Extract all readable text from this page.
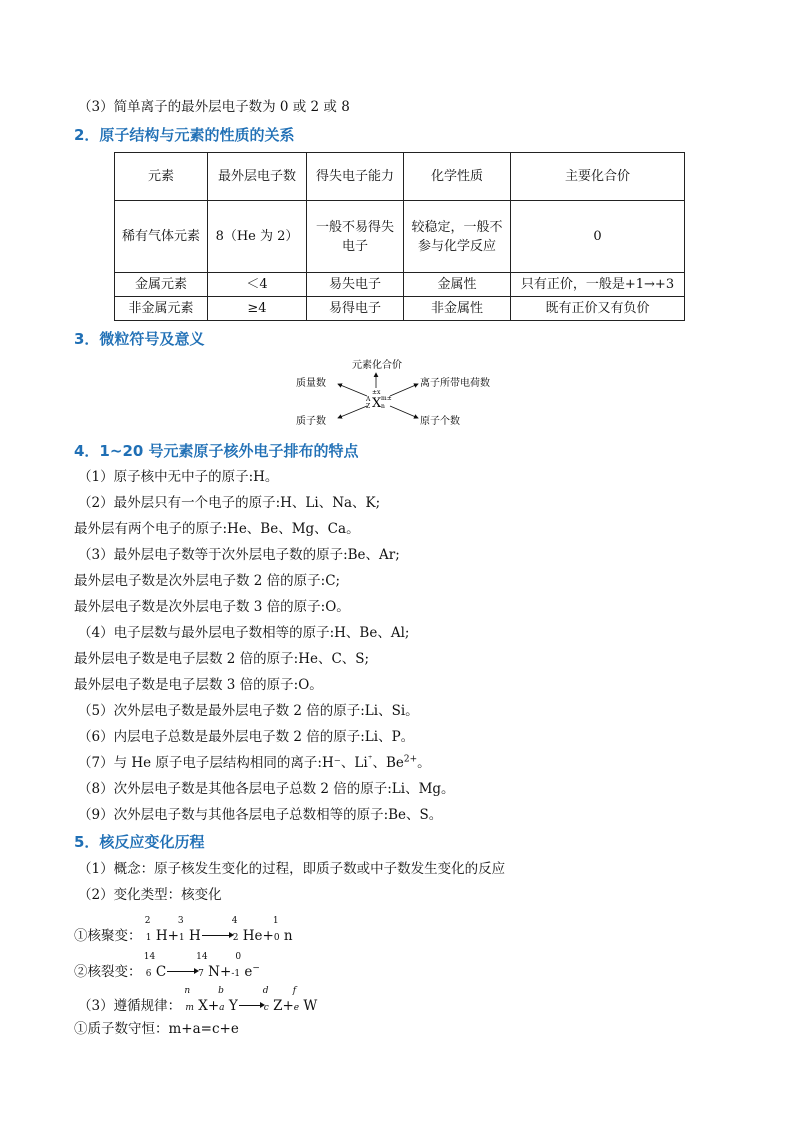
（3）简单离子的最外层电子数为 0 或 2 或 8
2．原子结构与元素的性质的关系
元素	最外层电子数	得失电子能力	化学性质	主要化合价
稀有气体元素	8（He 为 2）	一般不易得失电子	较稳定，一般不参与化学反应	0
金属元素	＜4	易失电子	金属性	只有正价，一般是+1→+3
非金属元素	≥4	易得电子	非金属性	既有正价又有负价
3．微粒符号及意义
元素化合价
质量数	离子所带电荷数
质子数	原子个数
±x
A
Z X m±
n
4．1~20 号元素原子核外电子排布的特点
（1）原子核中无中子的原子:H。
（2）最外层只有一个电子的原子:H、Li、Na、K;
最外层有两个电子的原子:He、Be、Mg、Ca。
（3）最外层电子数等于次外层电子数的原子:Be、Ar;
最外层电子数是次外层电子数 2 倍的原子:C;
最外层电子数是次外层电子数 3 倍的原子:O。
（4）电子层数与最外层电子数相等的原子:H、Be、Al;
最外层电子数是电子层数 2 倍的原子:He、C、S;
最外层电子数是电子层数 3 倍的原子:O。
（5）次外层电子数是最外层电子数 2 倍的原子:Li、Si。
（6）内层电子总数是最外层电子数 2 倍的原子:Li、P。
（7）与 He 原子电子层结构相同的离子:H⁻、Li⁺、$Be^{2+}$。
（8）次外层电子数是其他各层电子总数 2 倍的原子:Li、Mg。
（9）次外层电子数与其他各层电子总数相等的原子:Be、S。
5．核反应变化历程
（1）概念：原子核发生变化的过程，即质子数或中子数发生变化的反应
（2）变化类型：核变化
①核聚变：
2
1 H+
3
1 H
4
2 He+
1
0 n
②核裂变：
14
6 C
14
7 N+
0
-1 e−
（3）遵循规律：
n
m X+
b
a Y
d
c Z+
f
e W
①质子数守恒：m+a=c+e
